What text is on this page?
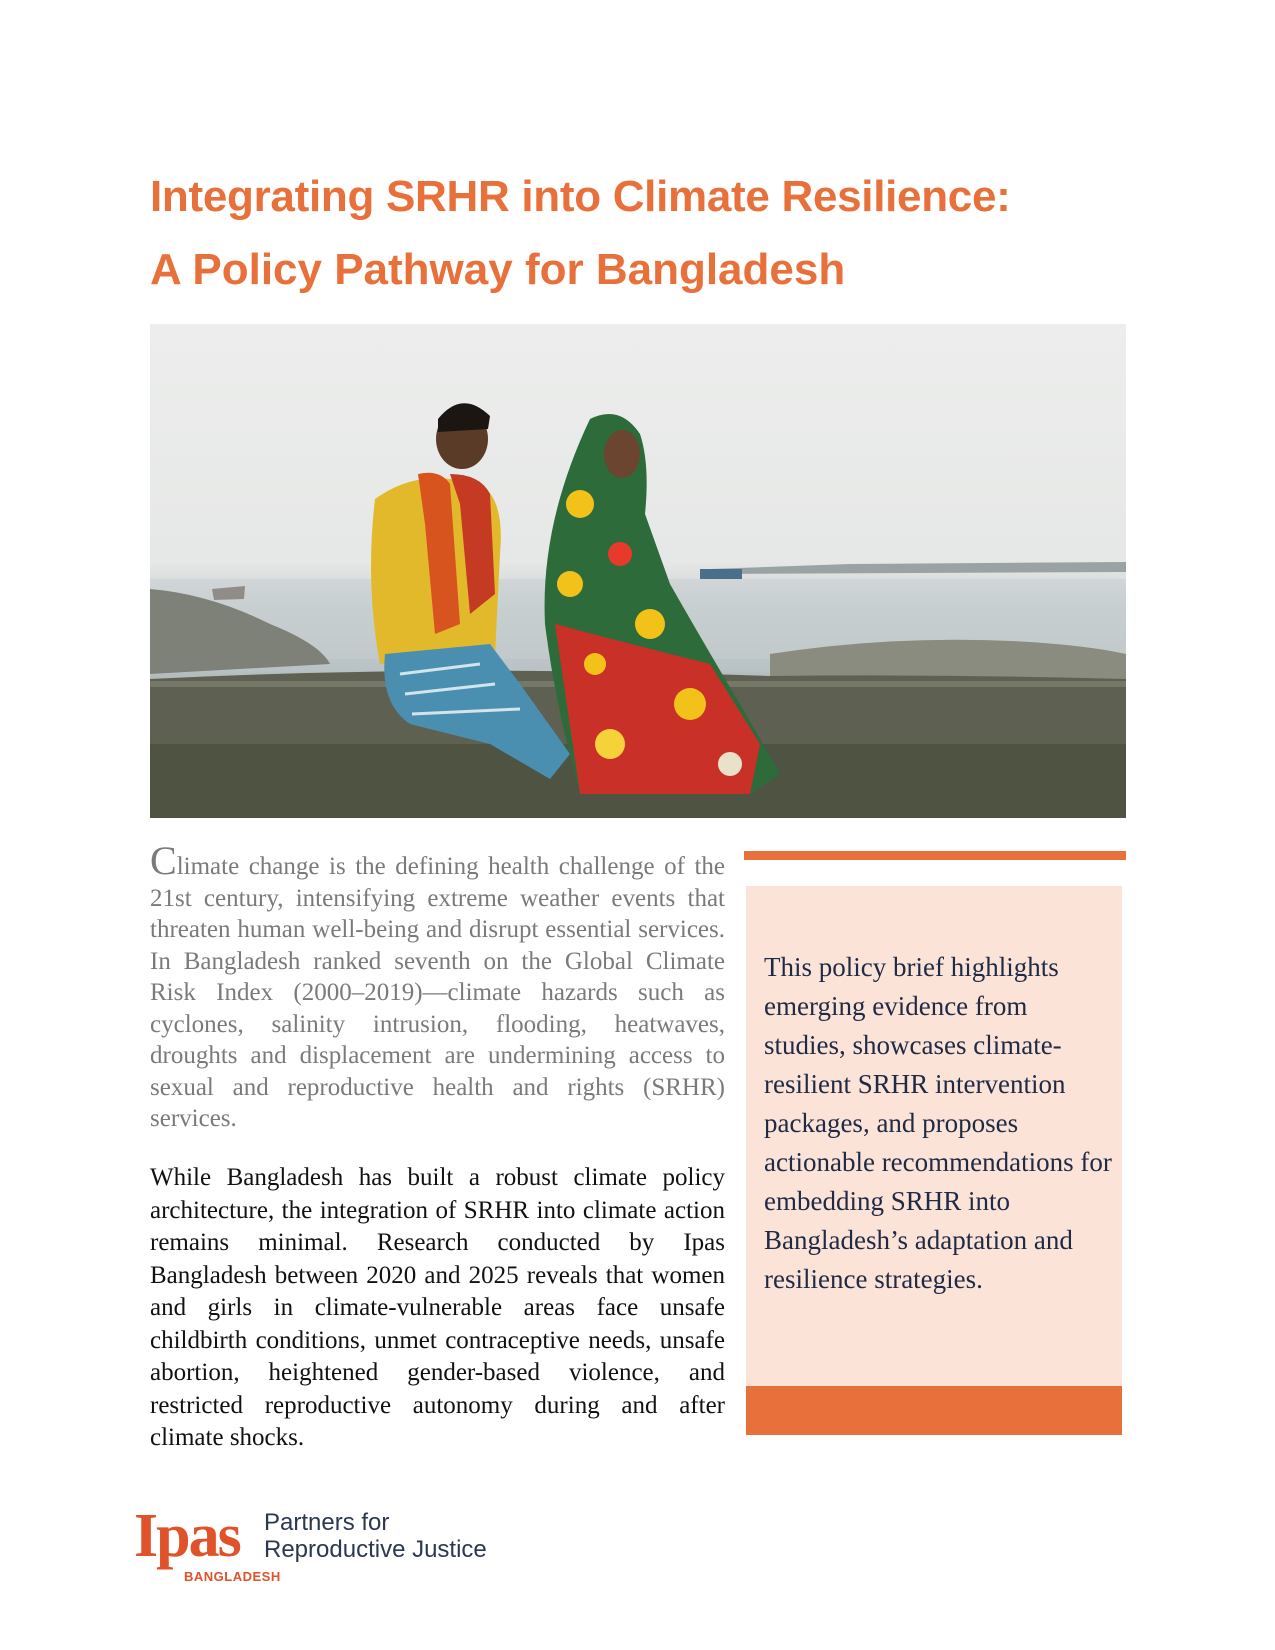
Integrating SRHR into Climate Resilience:
A Policy Pathway for Bangladesh

Climate change is the defining health challenge of the 21st century, intensifying extreme weather events that threaten human well-being and disrupt essential services. In Bangladesh ranked seventh on the Global Climate Risk Index (2000–2019)—climate hazards such as cyclones, salinity intrusion, flooding, heatwaves, droughts and displacement are undermining access to sexual and reproductive health and rights (SRHR) services.

While Bangladesh has built a robust climate policy architecture, the integration of SRHR into climate action remains minimal. Research conducted by Ipas Bangladesh between 2020 and 2025 reveals that women and girls in climate-vulnerable areas face unsafe childbirth conditions, unmet contraceptive needs, unsafe abortion, heightened gender-based violence, and restricted reproductive autonomy during and after climate shocks.

This policy brief highlights emerging evidence from studies, showcases climate-resilient SRHR intervention packages, and proposes actionable recommendations for embedding SRHR into Bangladesh’s adaptation and resilience strategies.

Ipas
BANGLADESH
Partners for
Reproductive Justice
